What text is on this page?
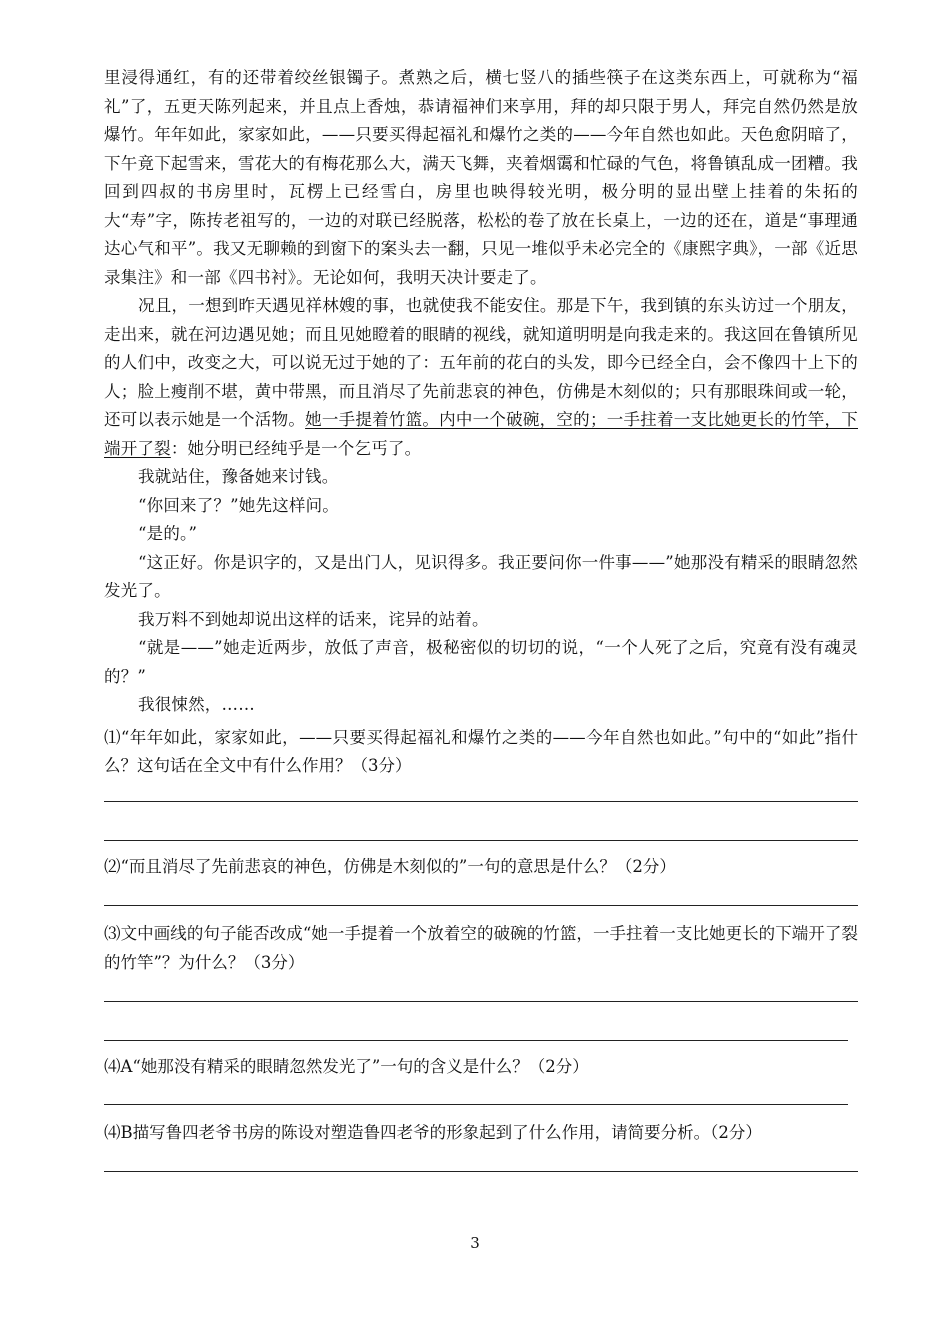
里浸得通红，有的还带着绞丝银镯子。煮熟之后，横七竖八的插些筷子在这类东西上，可就称为“福礼”了，五更天陈列起来，并且点上香烛，恭请福神们来享用，拜的却只限于男人，拜完自然仍然是放爆竹。年年如此，家家如此，——只要买得起福礼和爆竹之类的——今年自然也如此。天色愈阴暗了，下午竟下起雪来，雪花大的有梅花那么大，满天飞舞，夹着烟霭和忙碌的气色，将鲁镇乱成一团糟。我回到四叔的书房里时，瓦楞上已经雪白，房里也映得较光明，极分明的显出壁上挂着的朱拓的大“寿”字，陈抟老祖写的，一边的对联已经脱落，松松的卷了放在长桌上，一边的还在，道是“事理通达心气和平”。我又无聊赖的到窗下的案头去一翻，只见一堆似乎未必完全的《康熙字典》，一部《近思录集注》和一部《四书衬》。无论如何，我明天决计要走了。

况且，一想到昨天遇见祥林嫂的事，也就使我不能安住。那是下午，我到镇的东头访过一个朋友，走出来，就在河边遇见她；而且见她瞪着的眼睛的视线，就知道明明是向我走来的。我这回在鲁镇所见的人们中，改变之大，可以说无过于她的了：五年前的花白的头发，即今已经全白，会不像四十上下的人；脸上瘦削不堪，黄中带黑，而且消尽了先前悲哀的神色，仿佛是木刻似的；只有那眼珠间或一轮，还可以表示她是一个活物。她一手提着竹篮。内中一个破碗，空的；一手拄着一支比她更长的竹竿，下端开了裂：她分明已经纯乎是一个乞丐了。

我就站住，豫备她来讨钱。

“你回来了？”她先这样问。

“是的。”

“这正好。你是识字的，又是出门人，见识得多。我正要问你一件事——”她那没有精采的眼睛忽然发光了。

我万料不到她却说出这样的话来，诧异的站着。

“就是——”她走近两步，放低了声音，极秘密似的切切的说，“一个人死了之后，究竟有没有魂灵的？”

我很悚然，……

⑴“年年如此，家家如此，——只要买得起福礼和爆竹之类的——今年自然也如此。”句中的“如此”指什么？这句话在全文中有什么作用？（3分）

⑵“而且消尽了先前悲哀的神色，仿佛是木刻似的”一句的意思是什么？（2分）

⑶文中画线的句子能否改成“她一手提着一个放着空的破碗的竹篮，一手拄着一支比她更长的下端开了裂的竹竿”？为什么？（3分）

⑷A“她那没有精采的眼睛忽然发光了”一句的含义是什么？（2分）

⑷B描写鲁四老爷书房的陈设对塑造鲁四老爷的形象起到了什么作用，请简要分析。（2分）

3
